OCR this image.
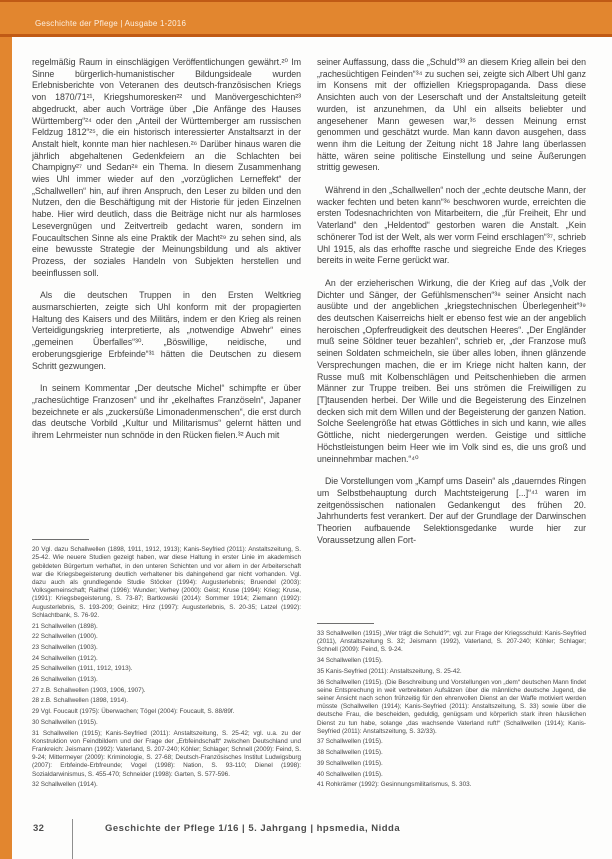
Geschichte der Pflege | Ausgabe 1-2016

regelmäßig Raum in einschlägigen Veröffentlichungen gewährt.²⁰ Im Sinne bürgerlich-humanistischer Bildungsideale wurden Erlebnisberichte von Veteranen des deutsch-französischen Kriegs von 1870/71²¹, Kriegshumoresken²² und Manövergeschichten²³ abgedruckt, aber auch Vorträge über „Die Anfänge des Hauses Württemberg“²⁴ oder den „Anteil der Württemberger am russischen Feldzug 1812“²⁵, die ein historisch interessierter Anstaltsarzt in der Anstalt hielt, konnte man hier nachlesen.²⁶ Darüber hinaus waren die jährlich abgehaltenen Gedenkfeiern an die Schlachten bei Champigny²⁷ und Sedan²⁸ ein Thema. In diesem Zusammenhang wies Uhl immer wieder auf den „vorzüglichen Lerneffekt“ der „Schallwellen“ hin, auf ihren Anspruch, den Leser zu bilden und den Nutzen, den die Beschäftigung mit der Historie für jeden Einzelnen habe. Hier wird deutlich, dass die Beiträge nicht nur als harmloses Lesevergnügen und Zeitvertreib gedacht waren, sondern im Foucaultschen Sinne als eine Praktik der Macht²⁹ zu sehen sind, als eine bewusste Strategie der Meinungsbildung und als aktiver Prozess, der soziales Handeln von Subjekten herstellen und beeinflussen soll.

Als die deutschen Truppen in den Ersten Weltkrieg ausmarschierten, zeigte sich Uhl konform mit der propagierten Haltung des Kaisers und des Militärs, indem er den Krieg als reinen Verteidigungskrieg interpretierte, als „notwendige Abwehr“ eines „gemeinen Überfalles“³⁰. „Böswillige, neidische, und eroberungsgierige Erbfeinde“³¹ hätten die Deutschen zu diesem Schritt gezwungen.

In seinem Kommentar „Der deutsche Michel“ schimpfte er über „rachesüchtige Franzosen“ und ihr „ekelhaftes Französeln“, Japaner bezeichnete er als „zuckersüße Limonadenmenschen“, die erst durch das deutsche Vorbild „Kultur und Militarismus“ gelernt hätten und ihrem Lehrmeister nun schnöde in den Rücken fielen.³² Auch mit

20 Vgl. dazu Schallwellen (1898, 1911, 1912, 1913); Kanis-Seyfried (2011): Anstaltszeitung, S. 25-42. Wie neuere Studien gezeigt haben, war diese Haltung in erster Linie im akademisch gebildeten Bürgertum verhaftet, in den unteren Schichten und vor allem in der Arbeiterschaft war die Kriegsbegeisterung deutlich verhaltener bis dahingehend gar nicht vorhanden. Vgl. dazu auch als grundlegende Studie Stöcker (1994): Augusterlebnis; Bruendel (2003): Volksgemeinschaft; Raithel (1996): Wunder; Verhey (2000): Geist; Kruse (1994): Krieg; Kruse, (1991): Kriegsbegeisterung, S. 73-87; Bartkowski (2014): Sommer 1914; Ziemann (1992): Augusterlebnis, S. 193-209; Geinitz; Hinz (1997): Augusterlebnis, S. 20-35; Latzel (1992): Schlachtbank, S. 76-92.

21 Schallwellen (1898).

22 Schallwellen (1900).

23 Schallwellen (1903).

24 Schallwellen (1912).

25 Schallwellen (1911, 1912, 1913).

26 Schallwellen (1913).

27 z.B. Schallwellen (1903, 1906, 1907).

28 z.B. Schallwellen (1898, 1914).

29 Vgl. Foucault (1975): Überwachen; Tögel (2004): Foucault, S. 88/89f.

30 Schallwellen (1915).

31 Schallwellen (1915); Kanis-Seyfried (2011): Anstaltszeitung, S. 25-42; vgl. u.a. zu der Konstruktion von Feindbildern und der Frage der „Erbfeindschaft“ zwischen Deutschland und Frankreich: Jeismann (1992): Vaterland, S. 207-240; Köhler; Schlager; Schnell (2009): Feind, S. 9-24; Mittermeyer (2009): Kriminologie, S. 27-68; Deutsch-Französisches Institut Ludwigsburg (2007): Erbfeinde-Erbfreunde; Vogel (1998): Nation, S. 93-110; Dienel (1998): Sozialdarwinismus, S. 455-470; Schneider (1998): Garten, S. 577-596.

32 Schallwellen (1914).

seiner Auffassung, dass die „Schuld“³³ an diesem Krieg allein bei den „rachesüchtigen Feinden“³⁴ zu suchen sei, zeigte sich Albert Uhl ganz im Konsens mit der offiziellen Kriegspropaganda. Dass diese Ansichten auch von der Leserschaft und der Anstaltsleitung geteilt wurden, ist anzunehmen, da Uhl ein allseits beliebter und angesehener Mann gewesen war,³⁵ dessen Meinung ernst genommen und geschätzt wurde. Man kann davon ausgehen, dass wenn ihm die Leitung der Zeitung nicht 18 Jahre lang überlassen hätte, wären seine politische Einstellung und seine Äußerungen strittig gewesen.

Während in den „Schallwellen“ noch der „echte deutsche Mann, der wacker fechten und beten kann“³⁶ beschworen wurde, erreichten die ersten Todesnachrichten von Mitarbeitern, die „für Freiheit, Ehr und Vaterland“ den „Heldentod“ gestorben waren die Anstalt. „Kein schönerer Tod ist der Welt, als wer vorm Feind erschlagen“³⁷, schrieb Uhl 1915, als das erhoffte rasche und siegreiche Ende des Krieges bereits in weite Ferne gerückt war.

An der erzieherischen Wirkung, die der Krieg auf das „Volk der Dichter und Sänger, der Gefühlsmenschen“³⁸ seiner Ansicht nach ausübte und der angeblichen „kriegstechnischen Überlegenheit“³⁹ des deutschen Kaiserreichs hielt er ebenso fest wie an der angeblich heroischen „Opferfreudigkeit des deutschen Heeres“. „Der Engländer muß seine Söldner teuer bezahlen“, schrieb er, „der Franzose muß seinen Soldaten schmeicheln, sie über alles loben, ihnen glänzende Versprechungen machen, die er im Kriege nicht halten kann, der Russe muß mit Kolbenschlägen und Peitschenhieben die armen Männer zur Truppe treiben. Bei uns strömen die Freiwilligen zu [T]tausenden herbei. Der Wille und die Begeisterung des Einzelnen decken sich mit dem Willen und der Begeisterung der ganzen Nation. Solche Seelengröße hat etwas Göttliches in sich und kann, wie alles Göttliche, nicht niedergerungen werden. Geistige und sittliche Höchstleistungen beim Heer wie im Volk sind es, die uns groß und uneinnehmbar machen.“⁴⁰

Die Vorstellungen vom „Kampf ums Dasein“ als „dauerndes Ringen um Selbstbehauptung durch Machtsteigerung [...]“⁴¹ waren im zeitgenössischen nationalen Gedankengut des frühen 20. Jahrhunderts fest verankert. Der auf der Grundlage der Darwinschen Theorien aufbauende Selektionsgedanke wurde hier zur Voraussetzung allen Fort-

33 Schallwellen (1915) „Wer trägt die Schuld?“; vgl. zur Frage der Kriegsschuld: Kanis-Seyfried (2011), Anstaltszeitung S. 32; Jeismann (1992), Vaterland, S. 207-240; Köhler; Schlager; Schnell (2009): Feind, S. 9-24.

34 Schallwellen (1915).

35 Kanis-Seyfried (2011): Anstaltszeitung, S. 25-42.

36 Schallwellen (1915). (Die Beschreibung und Vorstellungen von „dem“ deutschen Mann findet seine Entsprechung in weit verbreiteten Aufsätzen über die männliche deutsche Jugend, die seiner Ansicht nach schon frühzeitig für den ehrenvollen Dienst an der Waffe motiviert werden müsste (Schallwellen (1914); Kanis-Seyfried (2011): Anstaltszeitung, S. 33) sowie über die deutsche Frau, die bescheiden, geduldig, genügsam und körperlich stark ihren häuslichen Dienst zu tun habe, solange „das wachsende Vaterland ruft!“ (Schallwellen (1914); Kanis-Seyfried (2011): Anstaltszeitung, S. 32/33).

37 Schallwellen (1915).

38 Schallwellen (1915).

39 Schallwellen (1915).

40 Schallwellen (1915).

41 Rohkrämer (1992): Gesinnungsmilitarismus, S. 303.

32	Geschichte der Pflege 1/16 | 5. Jahrgang | hpsmedia, Nidda
